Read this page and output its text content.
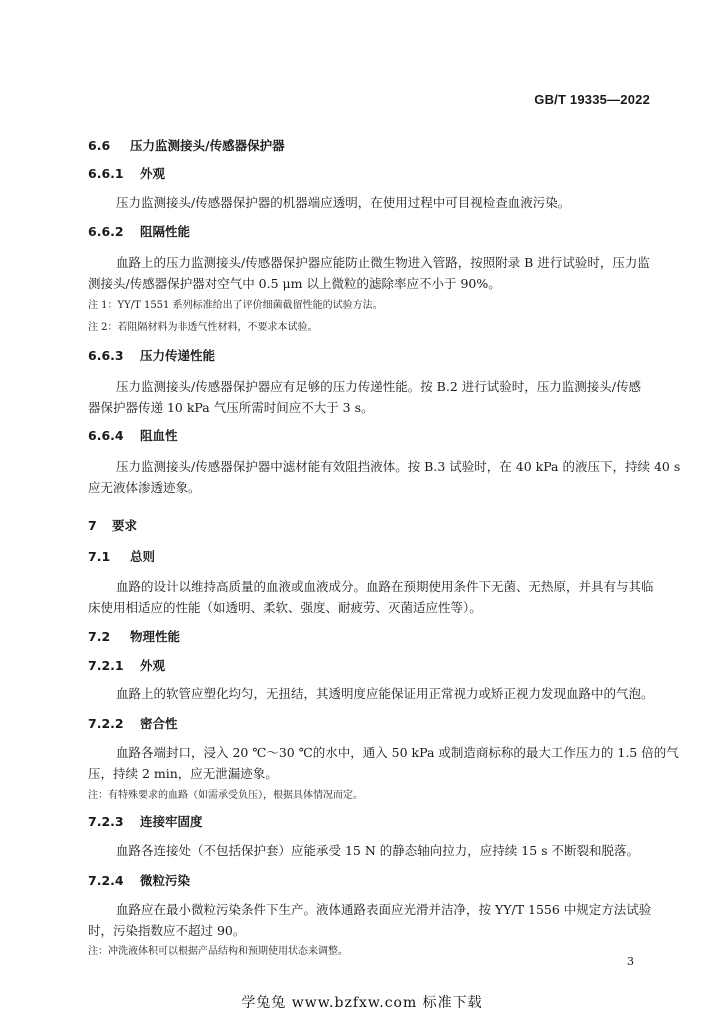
GB/T 19335—2022
6.6 压力监测接头/传感器保护器
6.6.1 外观
压力监测接头/传感器保护器的机器端应透明，在使用过程中可目视检查血液污染。
6.6.2 阻隔性能
血路上的压力监测接头/传感器保护器应能防止微生物进入管路，按照附录 B 进行试验时，压力监
测接头/传感器保护器对空气中 0.5 μm 以上微粒的滤除率应不小于 90%。
注 1：YY/T 1551 系列标准给出了评价细菌截留性能的试验方法。
注 2：若阻隔材料为非透气性材料，不要求本试验。
6.6.3 压力传递性能
压力监测接头/传感器保护器应有足够的压力传递性能。按 B.2 进行试验时，压力监测接头/传感
器保护器传递 10 kPa 气压所需时间应不大于 3 s。
6.6.4 阻血性
压力监测接头/传感器保护器中滤材能有效阻挡液体。按 B.3 试验时，在 40 kPa 的液压下，持续 40 s
应无液体渗透迹象。
7 要求
7.1 总则
血路的设计以维持高质量的血液或血液成分。血路在预期使用条件下无菌、无热原，并具有与其临
床使用相适应的性能（如透明、柔软、强度、耐疲劳、灭菌适应性等）。
7.2 物理性能
7.2.1 外观
血路上的软管应塑化均匀，无扭结，其透明度应能保证用正常视力或矫正视力发现血路中的气泡。
7.2.2 密合性
血路各端封口，浸入 20 ℃～30 ℃的水中，通入 50 kPa 或制造商标称的最大工作压力的 1.5 倍的气
压，持续 2 min，应无泄漏迹象。
注：有特殊要求的血路（如需承受负压），根据具体情况而定。
7.2.3 连接牢固度
血路各连接处（不包括保护套）应能承受 15 N 的静态轴向拉力，应持续 15 s 不断裂和脱落。
7.2.4 微粒污染
血路应在最小微粒污染条件下生产。液体通路表面应光滑并洁净，按 YY/T 1556 中规定方法试验
时，污染指数应不超过 90。
注：冲洗液体积可以根据产品结构和预期使用状态来调整。
3
学兔兔 www.bzfxw.com 标准下载
